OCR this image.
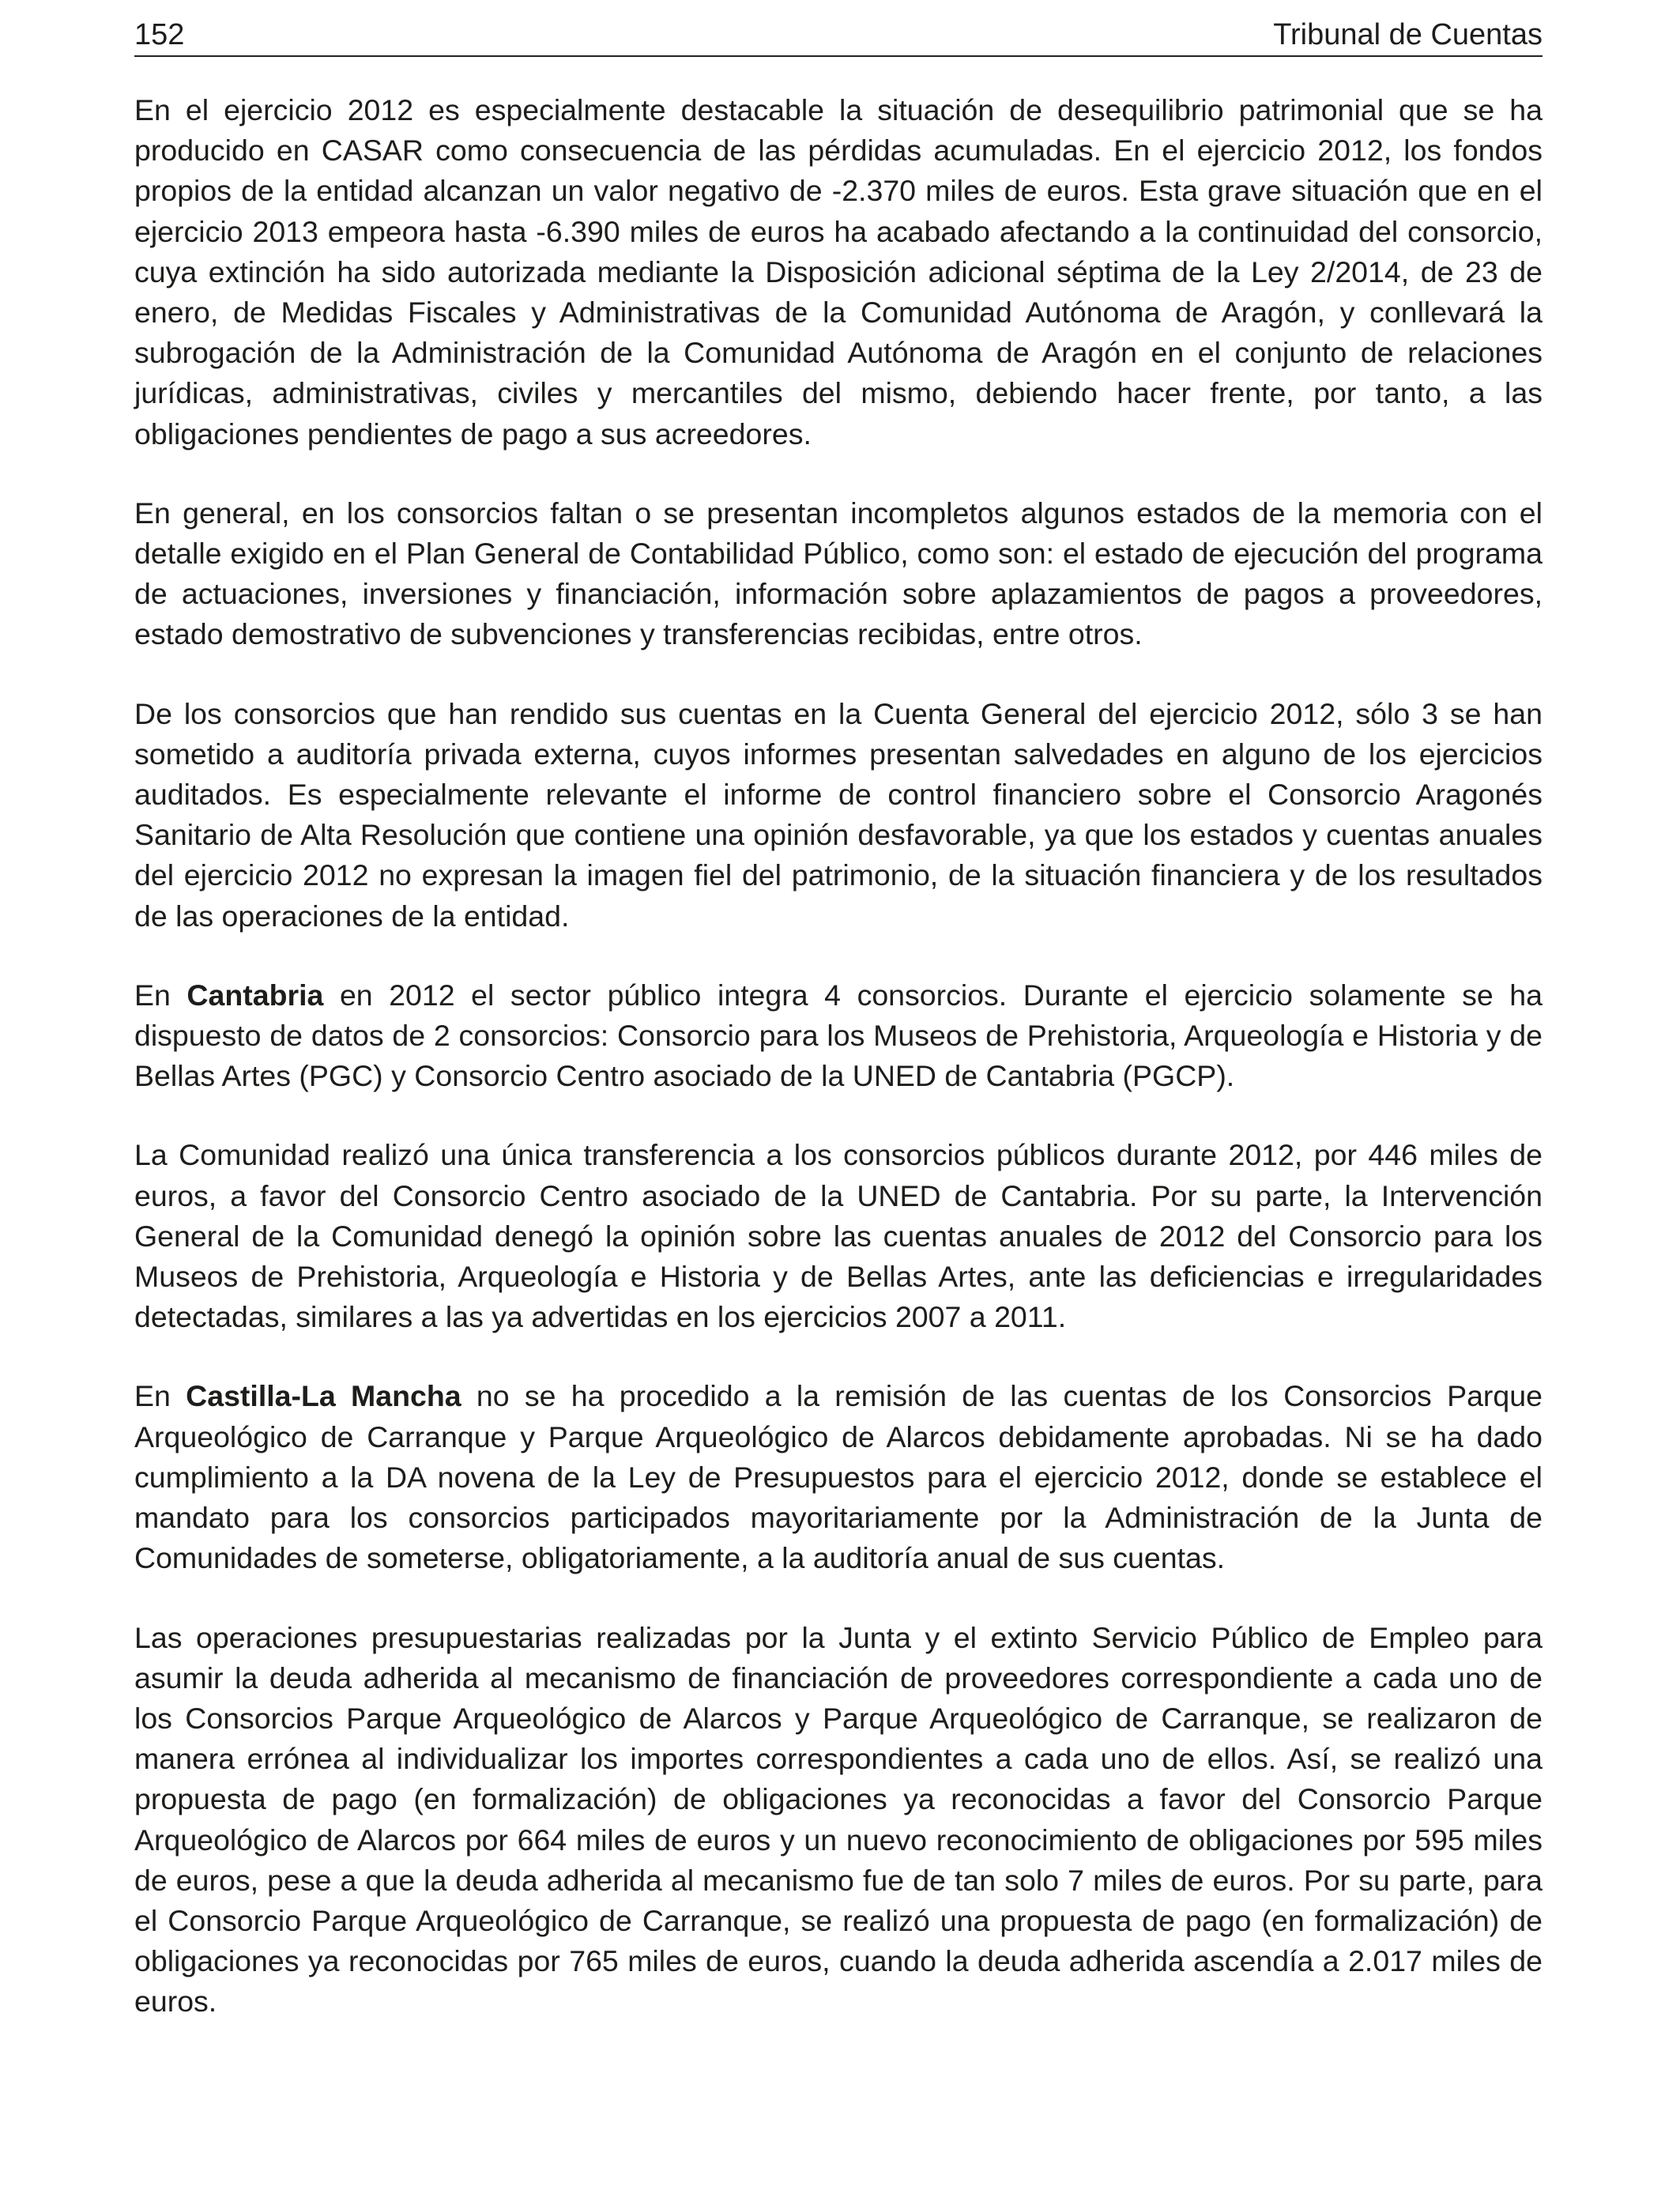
152	Tribunal de Cuentas

En el ejercicio 2012 es especialmente destacable la situación de desequilibrio patrimonial que se ha producido en CASAR como consecuencia de las pérdidas acumuladas. En el ejercicio 2012, los fondos propios de la entidad alcanzan un valor negativo de -2.370 miles de euros. Esta grave situación que en el ejercicio 2013 empeora hasta -6.390 miles de euros ha acabado afectando a la continuidad del consorcio, cuya extinción ha sido autorizada mediante la Disposición adicional séptima de la Ley 2/2014, de 23 de enero, de Medidas Fiscales y Administrativas de la Comunidad Autónoma de Aragón, y conllevará la subrogación de la Administración de la Comunidad Autónoma de Aragón en el conjunto de relaciones jurídicas, administrativas, civiles y mercantiles del mismo, debiendo hacer frente, por tanto, a las obligaciones pendientes de pago a sus acreedores.

En general, en los consorcios faltan o se presentan incompletos algunos estados de la memoria con el detalle exigido en el Plan General de Contabilidad Público, como son: el estado de ejecución del programa de actuaciones, inversiones y financiación, información sobre aplazamientos de pagos a proveedores, estado demostrativo de subvenciones y transferencias recibidas, entre otros.

De los consorcios que han rendido sus cuentas en la Cuenta General del ejercicio 2012, sólo 3 se han sometido a auditoría privada externa, cuyos informes presentan salvedades en alguno de los ejercicios auditados. Es especialmente relevante el informe de control financiero sobre el Consorcio Aragonés Sanitario de Alta Resolución que contiene una opinión desfavorable, ya que los estados y cuentas anuales del ejercicio 2012 no expresan la imagen fiel del patrimonio, de la situación financiera y de los resultados de las operaciones de la entidad.

En Cantabria en 2012 el sector público integra 4 consorcios. Durante el ejercicio solamente se ha dispuesto de datos de 2 consorcios: Consorcio para los Museos de Prehistoria, Arqueología e Historia y de Bellas Artes (PGC) y Consorcio Centro asociado de la UNED de Cantabria (PGCP).

La Comunidad realizó una única transferencia a los consorcios públicos durante 2012, por 446 miles de euros, a favor del Consorcio Centro asociado de la UNED de Cantabria. Por su parte, la Intervención General de la Comunidad denegó la opinión sobre las cuentas anuales de 2012 del Consorcio para los Museos de Prehistoria, Arqueología e Historia y de Bellas Artes, ante las deficiencias e irregularidades detectadas, similares a las ya advertidas en los ejercicios 2007 a 2011.

En Castilla-La Mancha no se ha procedido a la remisión de las cuentas de los Consorcios Parque Arqueológico de Carranque y Parque Arqueológico de Alarcos debidamente aprobadas. Ni se ha dado cumplimiento a la DA novena de la Ley de Presupuestos para el ejercicio 2012, donde se establece el mandato para los consorcios participados mayoritariamente por la Administración de la Junta de Comunidades de someterse, obligatoriamente, a la auditoría anual de sus cuentas.

Las operaciones presupuestarias realizadas por la Junta y el extinto Servicio Público de Empleo para asumir la deuda adherida al mecanismo de financiación de proveedores correspondiente a cada uno de los Consorcios Parque Arqueológico de Alarcos y Parque Arqueológico de Carranque, se realizaron de manera errónea al individualizar los importes correspondientes a cada uno de ellos. Así, se realizó una propuesta de pago (en formalización) de obligaciones ya reconocidas a favor del Consorcio Parque Arqueológico de Alarcos por 664 miles de euros y un nuevo reconocimiento de obligaciones por 595 miles de euros, pese a que la deuda adherida al mecanismo fue de tan solo 7 miles de euros. Por su parte, para el Consorcio Parque Arqueológico de Carranque, se realizó una propuesta de pago (en formalización) de obligaciones ya reconocidas por 765 miles de euros, cuando la deuda adherida ascendía a 2.017 miles de euros.
